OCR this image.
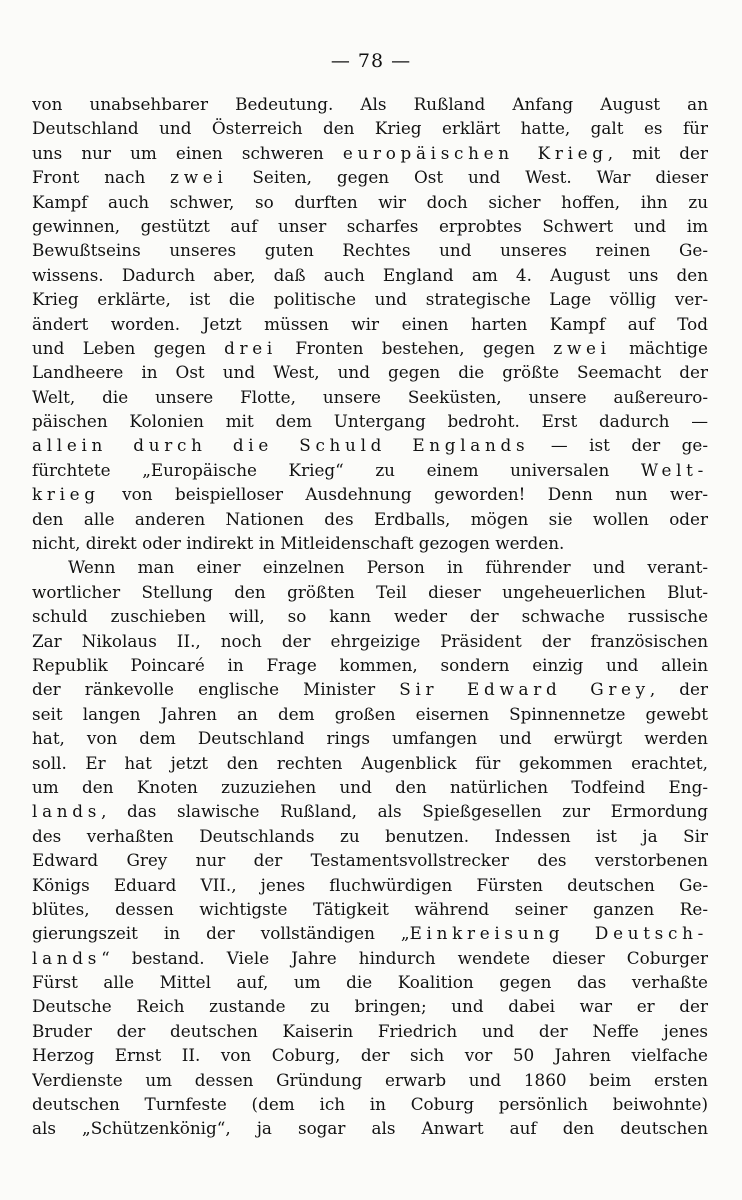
— 78 —
von unabsehbarer Bedeutung. Als Rußland Anfang August an
Deutschland und Österreich den Krieg erklärt hatte, galt es für
uns nur um einen schweren europäischen Krieg, mit der
Front nach zwei Seiten, gegen Ost und West. War dieser
Kampf auch schwer, so durften wir doch sicher hoffen, ihn zu
gewinnen, gestützt auf unser scharfes erprobtes Schwert und im
Bewußtseins unseres guten Rechtes und unseres reinen Ge-
wissens. Dadurch aber, daß auch England am 4. August uns den
Krieg erklärte, ist die politische und strategische Lage völlig ver-
ändert worden. Jetzt müssen wir einen harten Kampf auf Tod
und Leben gegen drei Fronten bestehen, gegen zwei mächtige
Landheere in Ost und West, und gegen die größte Seemacht der
Welt, die unsere Flotte, unsere Seeküsten, unsere außereuro-
päischen Kolonien mit dem Untergang bedroht. Erst dadurch —
allein durch die Schuld Englands — ist der ge-
fürchtete „Europäische Krieg“ zu einem universalen Welt-
krieg von beispielloser Ausdehnung geworden! Denn nun wer-
den alle anderen Nationen des Erdballs, mögen sie wollen oder
nicht, direkt oder indirekt in Mitleidenschaft gezogen werden.
Wenn man einer einzelnen Person in führender und verant-
wortlicher Stellung den größten Teil dieser ungeheuerlichen Blut-
schuld zuschieben will, so kann weder der schwache russische
Zar Nikolaus II., noch der ehrgeizige Präsident der französischen
Republik Poincaré in Frage kommen, sondern einzig und allein
der ränkevolle englische Minister Sir Edward Grey, der
seit langen Jahren an dem großen eisernen Spinnennetze gewebt
hat, von dem Deutschland rings umfangen und erwürgt werden
soll. Er hat jetzt den rechten Augenblick für gekommen erachtet,
um den Knoten zuzuziehen und den natürlichen Todfeind Eng-
lands, das slawische Rußland, als Spießgesellen zur Ermordung
des verhaßten Deutschlands zu benutzen. Indessen ist ja Sir
Edward Grey nur der Testamentsvollstrecker des verstorbenen
Königs Eduard VII., jenes fluchwürdigen Fürsten deutschen Ge-
blütes, dessen wichtigste Tätigkeit während seiner ganzen Re-
gierungszeit in der vollständigen „Einkreisung Deutsch-
lands“ bestand. Viele Jahre hindurch wendete dieser Coburger
Fürst alle Mittel auf, um die Koalition gegen das verhaßte
Deutsche Reich zustande zu bringen; und dabei war er der
Bruder der deutschen Kaiserin Friedrich und der Neffe jenes
Herzog Ernst II. von Coburg, der sich vor 50 Jahren vielfache
Verdienste um dessen Gründung erwarb und 1860 beim ersten
deutschen Turnfeste (dem ich in Coburg persönlich beiwohnte)
als „Schützenkönig“, ja sogar als Anwart auf den deutschen
